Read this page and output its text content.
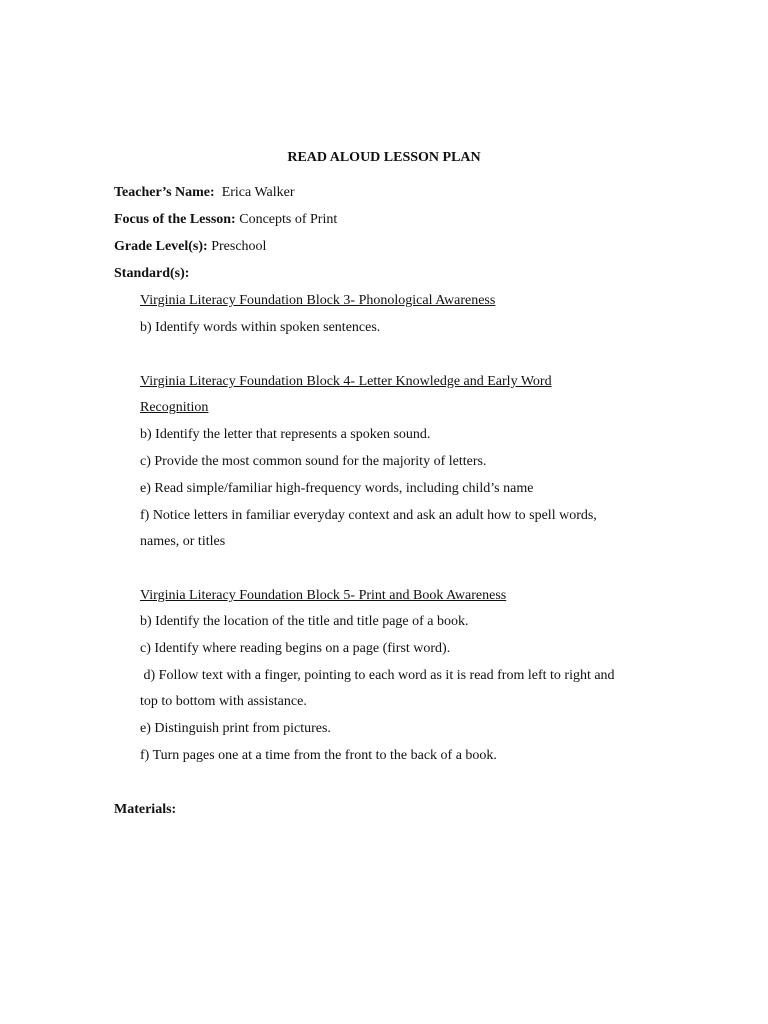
READ ALOUD LESSON PLAN
Teacher’s Name: Erica Walker
Focus of the Lesson: Concepts of Print
Grade Level(s): Preschool
Standard(s):
Virginia Literacy Foundation Block 3- Phonological Awareness
b) Identify words within spoken sentences.
Virginia Literacy Foundation Block 4- Letter Knowledge and Early Word
Recognition
b) Identify the letter that represents a spoken sound.
c) Provide the most common sound for the majority of letters.
e) Read simple/familiar high-frequency words, including child’s name
f) Notice letters in familiar everyday context and ask an adult how to spell words,
names, or titles
Virginia Literacy Foundation Block 5- Print and Book Awareness
b) Identify the location of the title and title page of a book.
c) Identify where reading begins on a page (first word).
d) Follow text with a finger, pointing to each word as it is read from left to right and
top to bottom with assistance.
e) Distinguish print from pictures.
f) Turn pages one at a time from the front to the back of a book.
Materials:
